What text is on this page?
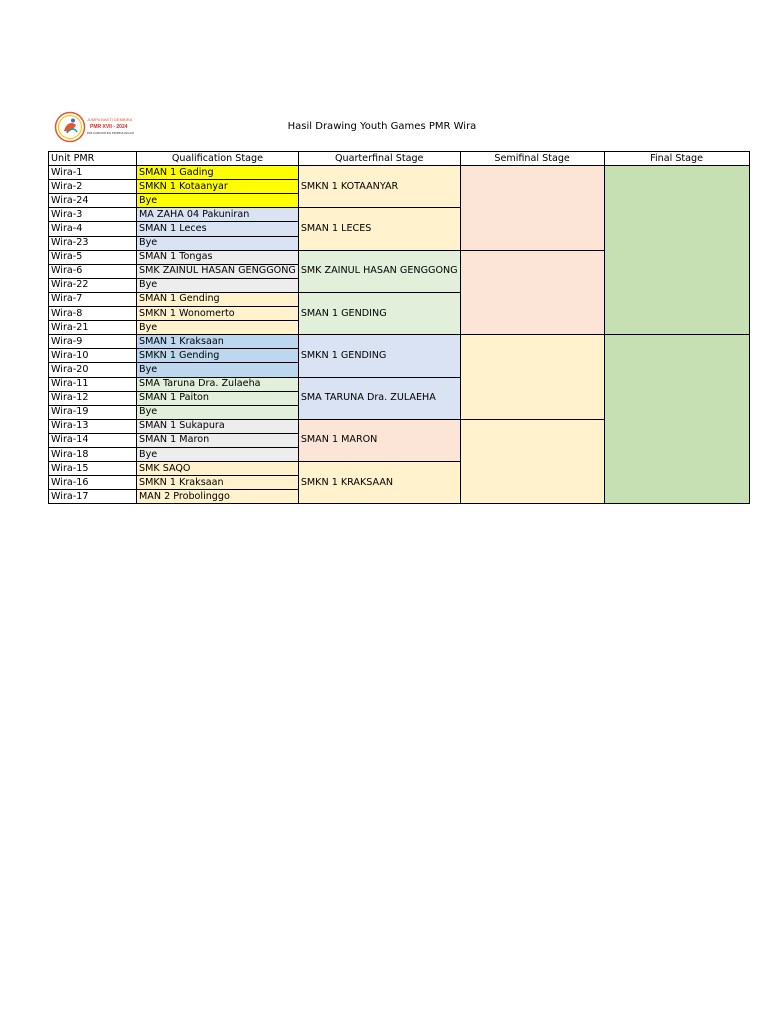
JUMPA BAKTI GEMBIRA
PMR XVII - 2024
PMI KABUPATEN PROBOLINGGO
Hasil Drawing Youth Games PMR Wira
Unit PMR	Qualification Stage	Quarterfinal Stage	Semifinal Stage	Final Stage
Wira-1	SMAN 1 Gading	SMKN 1 KOTAANYAR		
Wira-2	SMKN 1 Kotaanyar			
Wira-24	Bye			
Wira-3	MA ZAHA 04 Pakuniran	SMAN 1 LECES		
Wira-4	SMAN 1 Leces			
Wira-23	Bye			
Wira-5	SMAN 1 Tongas	SMK ZAINUL HASAN GENGGONG		
Wira-6	SMK ZAINUL HASAN GENGGONG			
Wira-22	Bye			
Wira-7	SMAN 1 Gending	SMAN 1 GENDING		
Wira-8	SMKN 1 Wonomerto			
Wira-21	Bye			
Wira-9	SMAN 1 Kraksaan	SMKN 1 GENDING		
Wira-10	SMKN 1 Gending			
Wira-20	Bye			
Wira-11	SMA Taruna Dra. Zulaeha	SMA TARUNA Dra. ZULAEHA		
Wira-12	SMAN 1 Paiton			
Wira-19	Bye			
Wira-13	SMAN 1 Sukapura	SMAN 1 MARON		
Wira-14	SMAN 1 Maron			
Wira-18	Bye			
Wira-15	SMK SAQO	SMKN 1 KRAKSAAN		
Wira-16	SMKN 1 Kraksaan			
Wira-17	MAN 2 Probolinggo			
